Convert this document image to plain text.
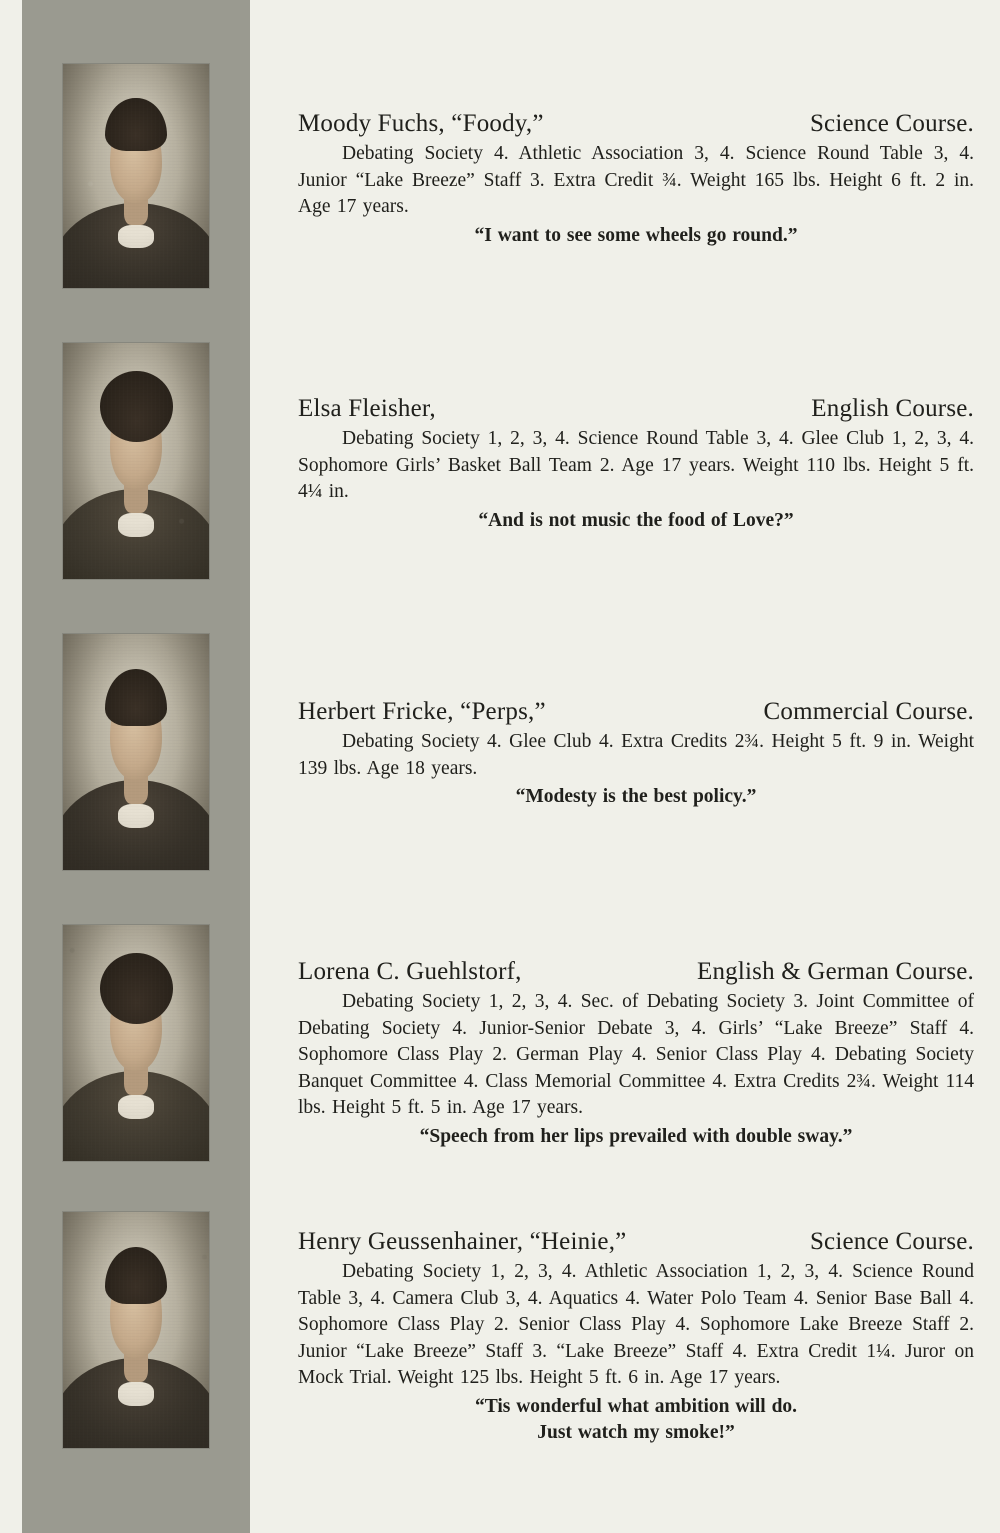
Moody Fuchs, “Foody,”	Science Course.
Debating Society 4. Athletic Association 3, 4. Science Round Table 3, 4. Junior “Lake Breeze” Staff 3. Extra Credit ¾. Weight 165 lbs. Height 6 ft. 2 in. Age 17 years.
“I want to see some wheels go round.”
Elsa Fleisher,	English Course.
Debating Society 1, 2, 3, 4. Science Round Table 3, 4. Glee Club 1, 2, 3, 4. Sophomore Girls’ Basket Ball Team 2. Age 17 years. Weight 110 lbs. Height 5 ft. 4¼ in.
“And is not music the food of Love?”
Herbert Fricke, “Perps,”	Commercial Course.
Debating Society 4. Glee Club 4. Extra Credits 2¾. Height 5 ft. 9 in. Weight 139 lbs. Age 18 years.
“Modesty is the best policy.”
Lorena C. Guehlstorf,	English & German Course.
Debating Society 1, 2, 3, 4. Sec. of Debating Society 3. Joint Committee of Debating Society 4. Junior-Senior Debate 3, 4. Girls’ “Lake Breeze” Staff 4. Sophomore Class Play 2. German Play 4. Senior Class Play 4. Debating Society Banquet Committee 4. Class Memorial Committee 4. Extra Credits 2¾. Weight 114 lbs. Height 5 ft. 5 in. Age 17 years.
“Speech from her lips prevailed with double sway.”
Henry Geussenhainer, “Heinie,”	Science Course.
Debating Society 1, 2, 3, 4. Athletic Association 1, 2, 3, 4. Science Round Table 3, 4. Camera Club 3, 4. Aquatics 4. Water Polo Team 4. Senior Base Ball 4. Sophomore Class Play 2. Senior Class Play 4. Sophomore Lake Breeze Staff 2. Junior “Lake Breeze” Staff 3. “Lake Breeze” Staff 4. Extra Credit 1¼. Juror on Mock Trial. Weight 125 lbs. Height 5 ft. 6 in. Age 17 years.
“Tis wonderful what ambition will do.
Just watch my smoke!”
